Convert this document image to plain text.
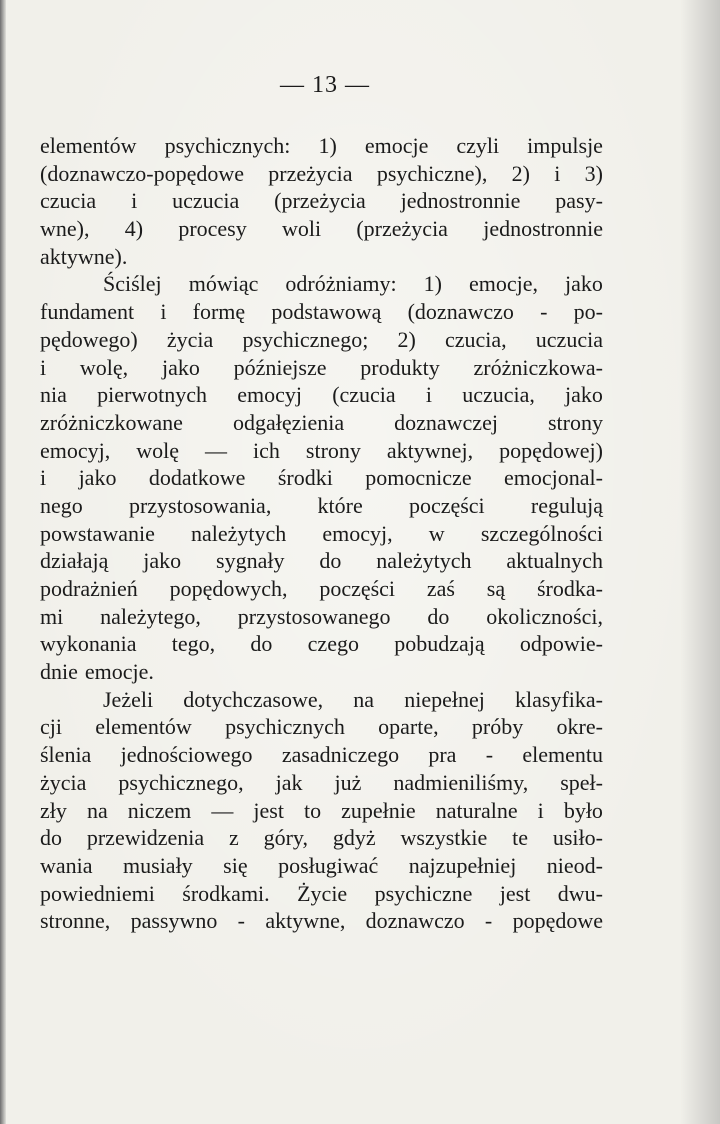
— 13 —
elementów psychicznych: 1) emocje czyli impulsje
(doznawczo-popędowe przeżycia psychiczne), 2) i 3)
czucia i uczucia (przeżycia jednostronnie pasy-
wne), 4) procesy woli (przeżycia jednostronnie
aktywne).
Ściślej mówiąc odróżniamy: 1) emocje, jako
fundament i formę podstawową (doznawczo - po-
pędowego) życia psychicznego; 2) czucia, uczucia
i wolę, jako późniejsze produkty zróżniczkowa-
nia pierwotnych emocyj (czucia i uczucia, jako
zróżniczkowane odgałęzienia doznawczej strony
emocyj, wolę — ich strony aktywnej, popędowej)
i jako dodatkowe środki pomocnicze emocjonal-
nego przystosowania, które poczęści regulują
powstawanie należytych emocyj, w szczególności
działają jako sygnały do należytych aktualnych
podrażnień popędowych, poczęści zaś są środka-
mi należytego, przystosowanego do okoliczności,
wykonania tego, do czego pobudzają odpowie-
dnie emocje.
Jeżeli dotychczasowe, na niepełnej klasyfika-
cji elementów psychicznych oparte, próby okre-
ślenia jednościowego zasadniczego pra - elementu
życia psychicznego, jak już nadmieniliśmy, speł-
zły na niczem — jest to zupełnie naturalne i było
do przewidzenia z góry, gdyż wszystkie te usiło-
wania musiały się posługiwać najzupełniej nieod-
powiedniemi środkami. Życie psychiczne jest dwu-
stronne, passywno - aktywne, doznawczo - popędowe
